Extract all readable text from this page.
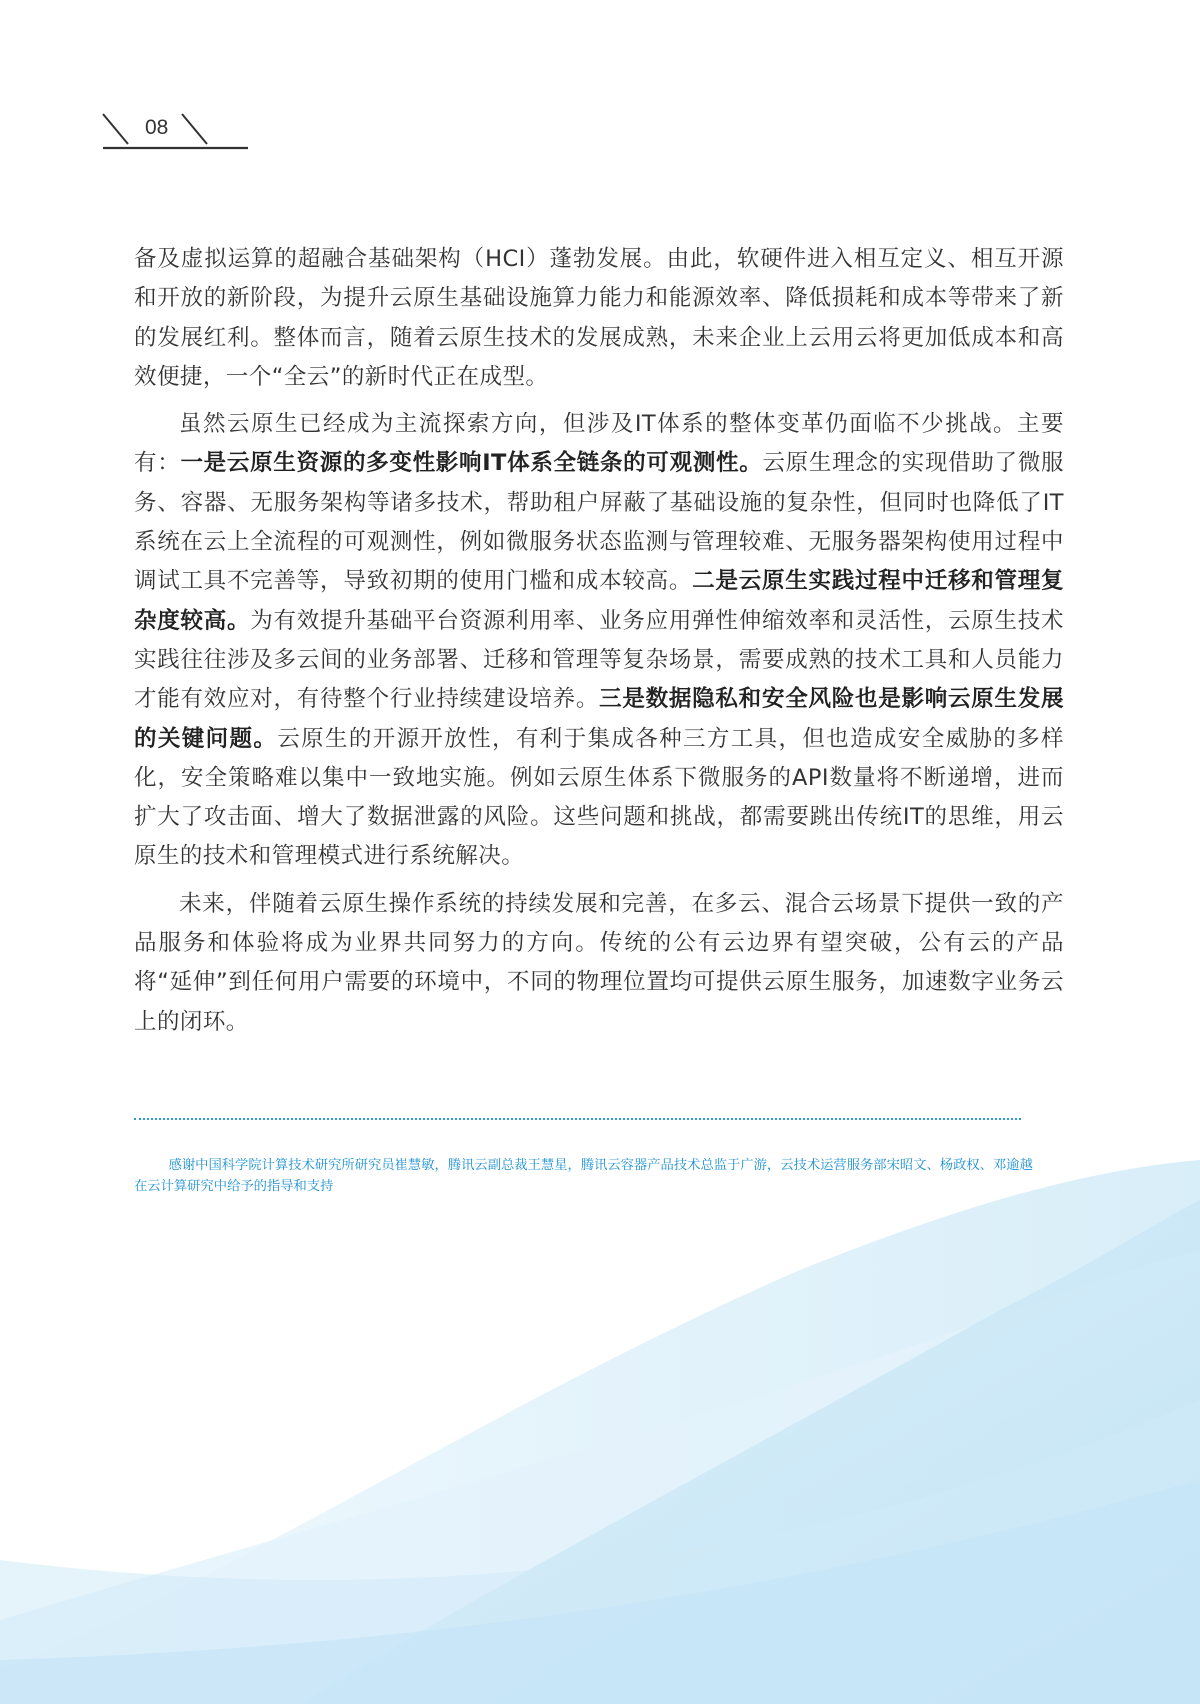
08

备及虚拟运算的超融合基础架构（HCI）蓬勃发展。由此，软硬件进入相互定义、相互开源和开放的新阶段，为提升云原生基础设施算力能力和能源效率、降低损耗和成本等带来了新的发展红利。整体而言，随着云原生技术的发展成熟，未来企业上云用云将更加低成本和高效便捷，一个“全云”的新时代正在成型。

虽然云原生已经成为主流探索方向，但涉及IT体系的整体变革仍面临不少挑战。主要有：一是云原生资源的多变性影响IT体系全链条的可观测性。云原生理念的实现借助了微服务、容器、无服务架构等诸多技术，帮助租户屏蔽了基础设施的复杂性，但同时也降低了IT系统在云上全流程的可观测性，例如微服务状态监测与管理较难、无服务器架构使用过程中调试工具不完善等，导致初期的使用门槛和成本较高。二是云原生实践过程中迁移和管理复杂度较高。为有效提升基础平台资源利用率、业务应用弹性伸缩效率和灵活性，云原生技术实践往往涉及多云间的业务部署、迁移和管理等复杂场景，需要成熟的技术工具和人员能力才能有效应对，有待整个行业持续建设培养。三是数据隐私和安全风险也是影响云原生发展的关键问题。云原生的开源开放性，有利于集成各种三方工具，但也造成安全威胁的多样化，安全策略难以集中一致地实施。例如云原生体系下微服务的API数量将不断递增，进而扩大了攻击面、增大了数据泄露的风险。这些问题和挑战，都需要跳出传统IT的思维，用云原生的技术和管理模式进行系统解决。

未来，伴随着云原生操作系统的持续发展和完善，在多云、混合云场景下提供一致的产品服务和体验将成为业界共同努力的方向。传统的公有云边界有望突破，公有云的产品将“延伸”到任何用户需要的环境中，不同的物理位置均可提供云原生服务，加速数字业务云上的闭环。

感谢中国科学院计算技术研究所研究员崔慧敏，腾讯云副总裁王慧星，腾讯云容器产品技术总监于广游，云技术运营服务部宋昭文、杨政权、邓逾越在云计算研究中给予的指导和支持
